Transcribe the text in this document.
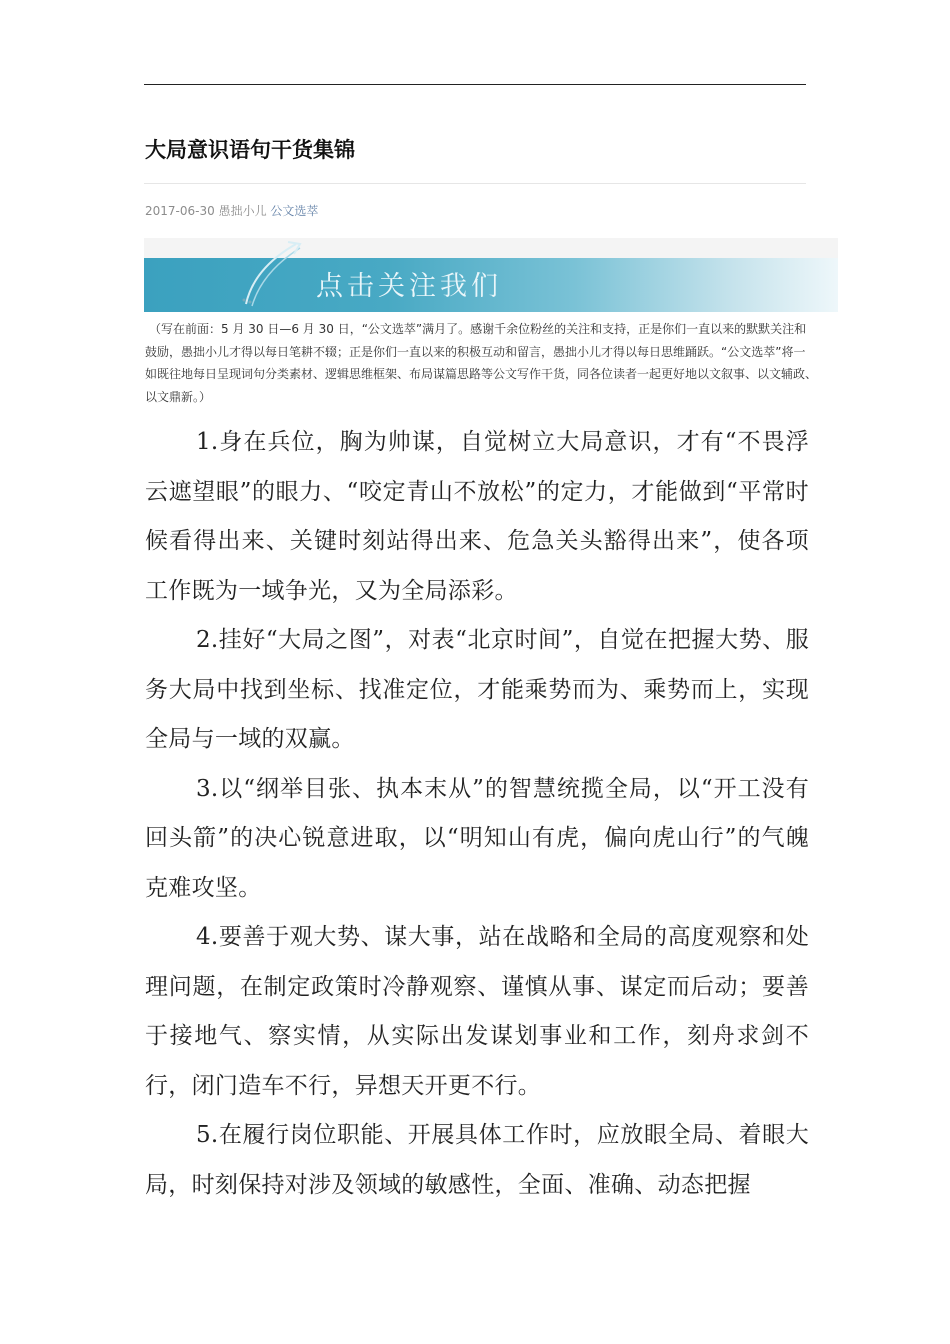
大局意识语句干货集锦
2017-06-30 愚拙小儿 公文选萃
点击关注我们

（写在前面：5 月 30 日—6 月 30 日，“公文选萃”满月了。感谢千余位粉丝的关注和支持，正是你们一直以来的默默关注和鼓励，愚拙小儿才得以每日笔耕不辍；正是你们一直以来的积极互动和留言，愚拙小儿才得以每日思维踊跃。“公文选萃”将一如既往地每日呈现词句分类素材、逻辑思维框架、布局谋篇思路等公文写作干货，同各位读者一起更好地以文叙事、以文辅政、以文鼎新。）

1.身在兵位，胸为帅谋，自觉树立大局意识，才有“不畏浮云遮望眼”的眼力、“咬定青山不放松”的定力，才能做到“平常时候看得出来、关键时刻站得出来、危急关头豁得出来”，使各项工作既为一域争光，又为全局添彩。

2.挂好“大局之图”，对表“北京时间”，自觉在把握大势、服务大局中找到坐标、找准定位，才能乘势而为、乘势而上，实现全局与一域的双赢。

3.以“纲举目张、执本末从”的智慧统揽全局，以“开工没有回头箭”的决心锐意进取，以“明知山有虎，偏向虎山行”的气魄克难攻坚。

4.要善于观大势、谋大事，站在战略和全局的高度观察和处理问题，在制定政策时冷静观察、谨慎从事、谋定而后动；要善于接地气、察实情，从实际出发谋划事业和工作，刻舟求剑不行，闭门造车不行，异想天开更不行。

5.在履行岗位职能、开展具体工作时，应放眼全局、着眼大局，时刻保持对涉及领域的敏感性，全面、准确、动态把握
